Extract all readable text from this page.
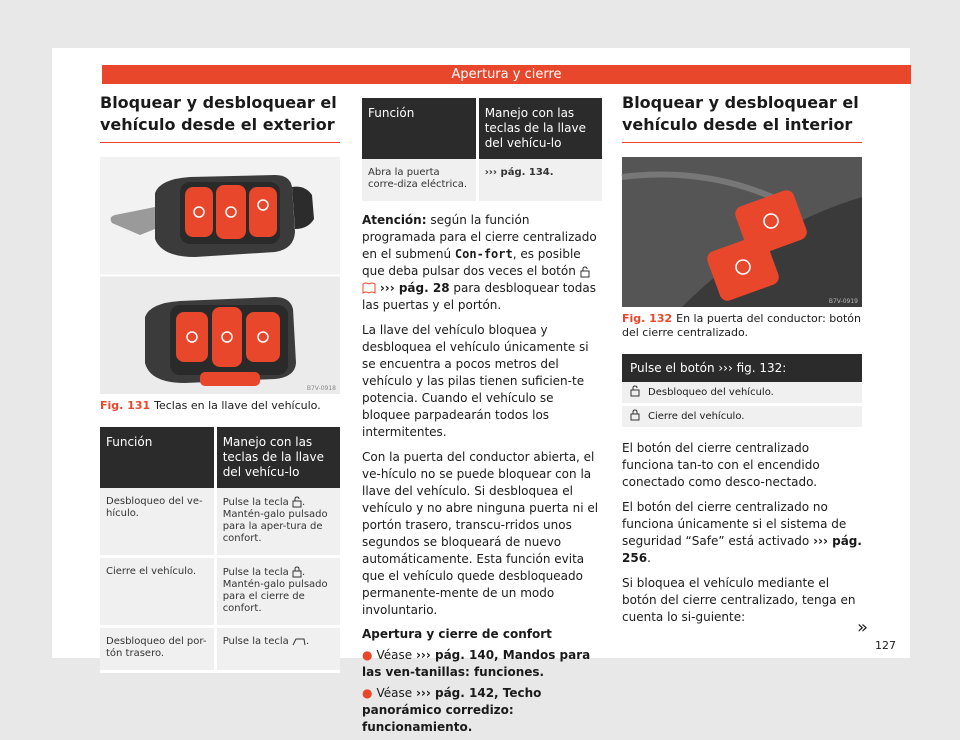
Apertura y cierre
Bloquear y desbloquear el vehículo desde el exterior
B7V-0918
Fig. 131 Teclas en la llave del vehículo.
Función	Manejo con las teclas de la llave del vehícu-lo
Desbloqueo del ve-hículo.	Pulse la tecla . Mantén-galo pulsado para la aper-tura de confort.
Cierre el vehículo.	Pulse la tecla . Mantén-galo pulsado para el cierre de confort.
Desbloqueo del por-tón trasero.	Pulse la tecla .
Función	Manejo con las teclas de la llave del vehícu-lo
Abra la puerta corre-diza eléctrica.	››› pág. 134.

Atención: según la función programada para el cierre centralizado en el submenú Con-fort, es posible que deba pulsar dos veces el botón   ››› pág. 28 para desbloquear todas las puertas y el portón.

La llave del vehículo bloquea y desbloquea el vehículo únicamente si se encuentra a pocos metros del vehículo y las pilas tienen suficien-te potencia. Cuando el vehículo se bloquee parpadearán todos los intermitentes.

Con la puerta del conductor abierta, el ve-hículo no se puede bloquear con la llave del vehículo. Si desbloquea el vehículo y no abre ninguna puerta ni el portón trasero, transcu-rridos unos segundos se bloqueará de nuevo automáticamente. Esta función evita que el vehículo quede desbloqueado permanente-mente de un modo involuntario.

Apertura y cierre de confort
● Véase ››› pág. 140, Mandos para las ven-tanillas: funciones.
● Véase ››› pág. 142, Techo panorámico corredizo: funcionamiento.
Bloquear y desbloquear el vehículo desde el interior
B7V-0919
Fig. 132 En la puerta del conductor: botón del cierre centralizado.
Pulse el botón ››› fig. 132:
Desbloqueo del vehículo.
Cierre del vehículo.

El botón del cierre centralizado funciona tan-to con el encendido conectado como desco-nectado.

El botón del cierre centralizado no funciona únicamente si el sistema de seguridad “Safe” está activado ››› pág. 256.

Si bloquea el vehículo mediante el botón del cierre centralizado, tenga en cuenta lo si-guiente:	»
127
